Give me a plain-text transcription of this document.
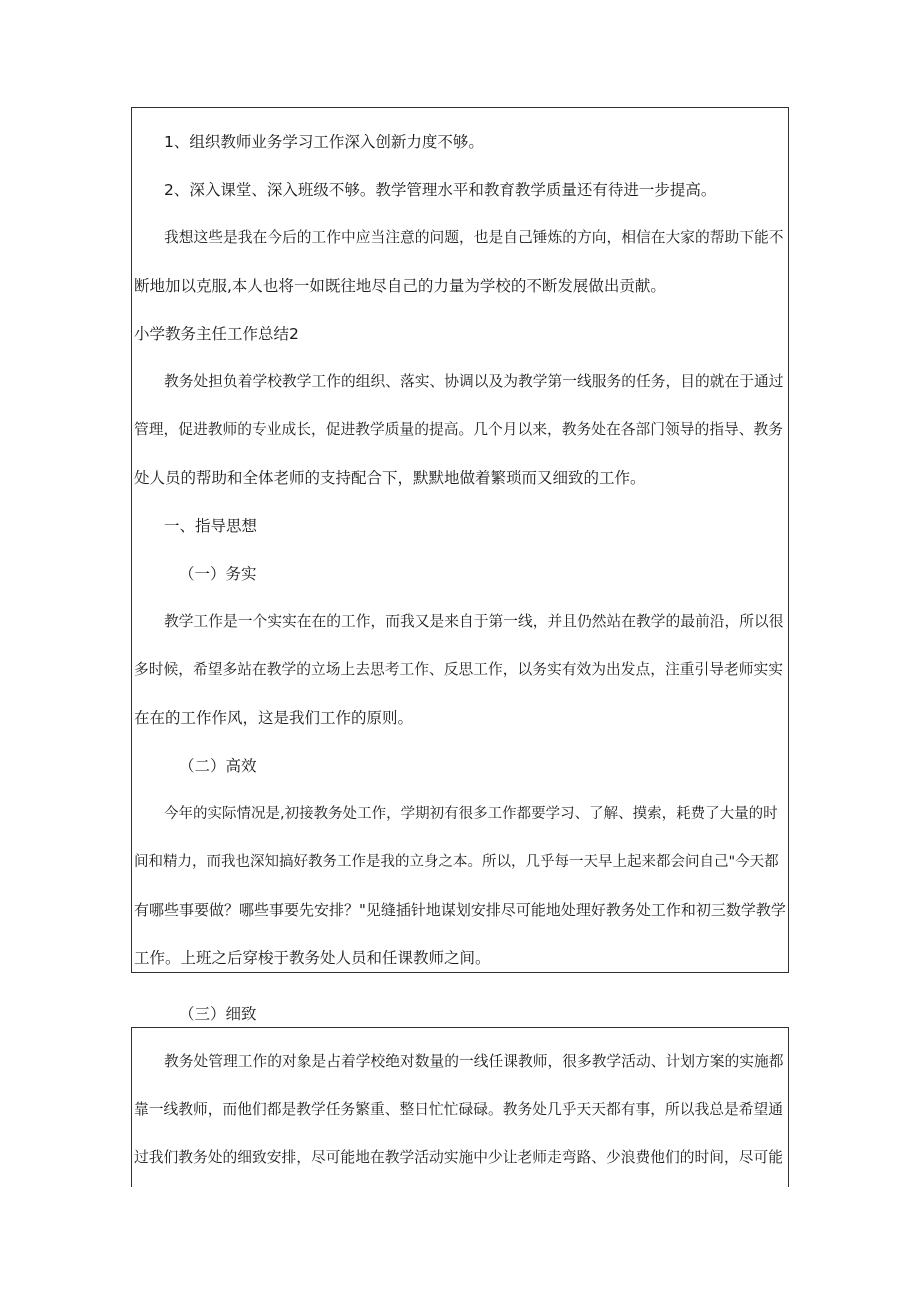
1、组织教师业务学习工作深入创新力度不够。
2、深入课堂、深入班级不够。教学管理水平和教育教学质量还有待进一步提高。
我想这些是我在今后的工作中应当注意的问题，也是自己锤炼的方向，相信在大家的帮助下能不
断地加以克服,本人也将一如既往地尽自己的力量为学校的不断发展做出贡献。
小学教务主任工作总结2
教务处担负着学校教学工作的组织、落实、协调以及为教学第一线服务的任务，目的就在于通过
管理，促进教师的专业成长，促进教学质量的提高。几个月以来，教务处在各部门领导的指导、教务
处人员的帮助和全体老师的支持配合下，默默地做着繁琐而又细致的工作。
一、指导思想
（一）务实
教学工作是一个实实在在的工作，而我又是来自于第一线，并且仍然站在教学的最前沿，所以很
多时候，希望多站在教学的立场上去思考工作、反思工作，以务实有效为出发点，注重引导老师实实
在在的工作作风，这是我们工作的原则。
（二）高效
今年的实际情况是,初接教务处工作，学期初有很多工作都要学习、了解、摸索，耗费了大量的时
间和精力，而我也深知搞好教务工作是我的立身之本。所以，几乎每一天早上起来都会问自己"今天都
有哪些事要做？哪些事要先安排？"见缝插针地谋划安排尽可能地处理好教务处工作和初三数学教学
工作。上班之后穿梭于教务处人员和任课教师之间。
（三）细致
教务处管理工作的对象是占着学校绝对数量的一线任课教师，很多教学活动、计划方案的实施都
靠一线教师，而他们都是教学任务繁重、整日忙忙碌碌。教务处几乎天天都有事，所以我总是希望通
过我们教务处的细致安排，尽可能地在教学活动实施中少让老师走弯路、少浪费他们的时间，尽可能
